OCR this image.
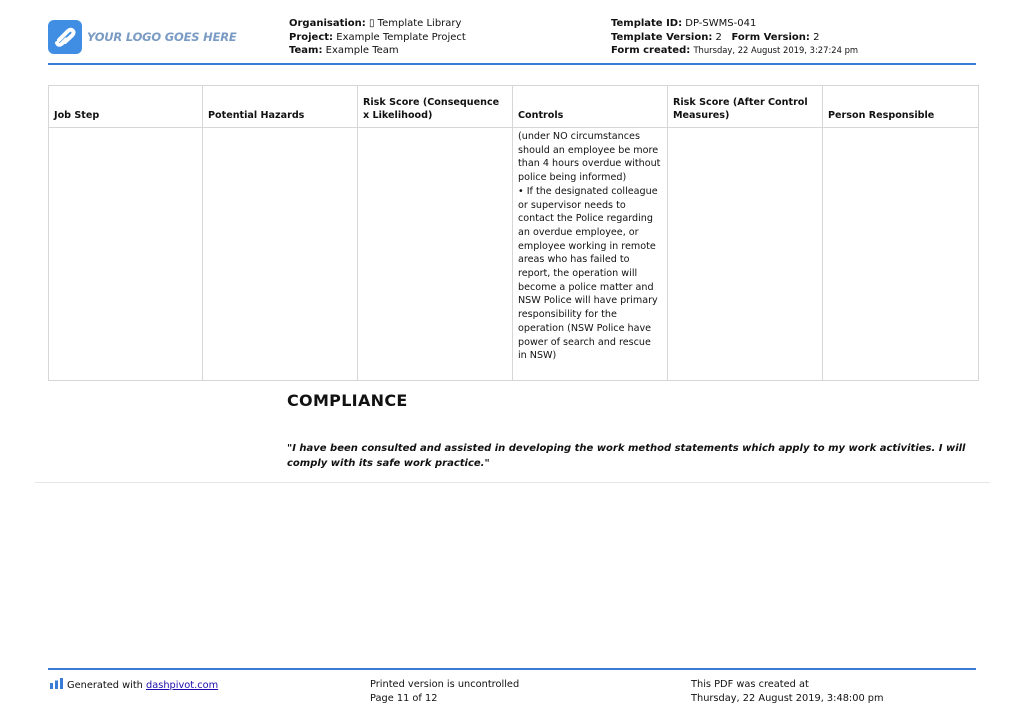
YOUR LOGO GOES HERE
Organisation: ▯ Template Library
Project: Example Template Project
Team: Example Team
Template ID: DP-SWMS-041
Template Version: 2 Form Version: 2
Form created: Thursday, 22 August 2019, 3:27:24 pm
Job Step	Potential Hazards	Risk Score (Consequence x Likelihood)	Controls	Risk Score (After Control Measures)	Person Responsible
			(under NO circumstances should an employee be more than 4 hours overdue without police being informed)
• If the designated colleague or supervisor needs to contact the Police regarding an overdue employee, or employee working in remote areas who has failed to report, the operation will become a police matter and NSW Police will have primary responsibility for the operation (NSW Police have power of search and rescue in NSW)		
COMPLIANCE
"I have been consulted and assisted in developing the work method statements which apply to my work activities. I will comply with its safe work practice."
Generated with dashpivot.com	Printed version is uncontrolled
Page 11 of 12
This PDF was created at
Thursday, 22 August 2019, 3:48:00 pm
